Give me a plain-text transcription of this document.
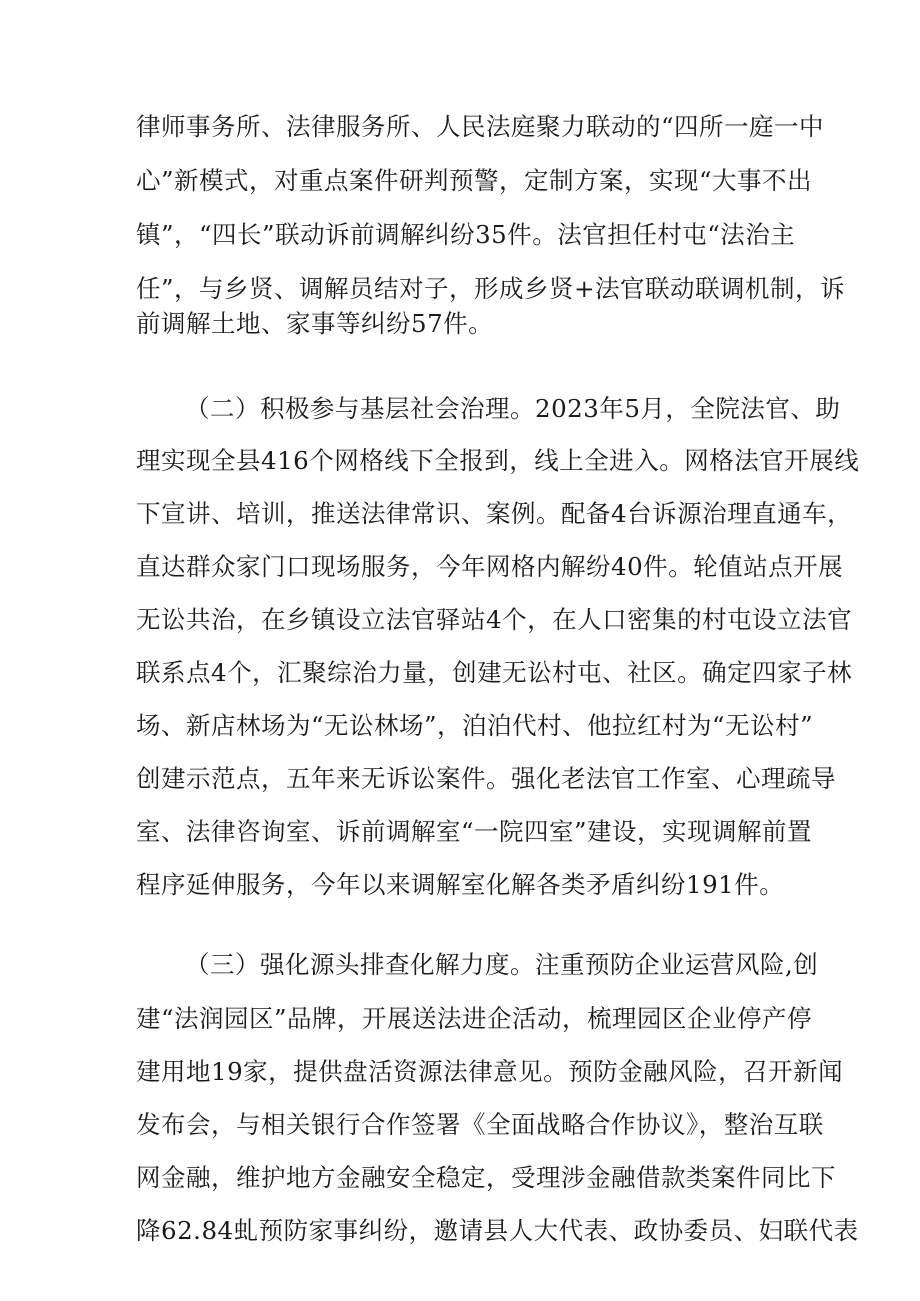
律师事务所、法律服务所、人民法庭聚力联动的“四所一庭一中
心”新模式，对重点案件研判预警，定制方案，实现“大事不出
镇”，“四长”联动诉前调解纠纷35件。法官担任村屯“法治主
任”，与乡贤、调解员结对子，形成乡贤+法官联动联调机制，诉
前调解土地、家事等纠纷57件。
（二）积极参与基层社会治理。2023年5月，全院法官、助
理实现全县416个网格线下全报到，线上全进入。网格法官开展线
下宣讲、培训，推送法律常识、案例。配备4台诉源治理直通车，
直达群众家门口现场服务，今年网格内解纷40件。轮值站点开展
无讼共治，在乡镇设立法官驿站4个，在人口密集的村屯设立法官
联系点4个，汇聚综治力量，创建无讼村屯、社区。确定四家子林
场、新店林场为“无讼林场”，泊泊代村、他拉红村为“无讼村”
创建示范点，五年来无诉讼案件。强化老法官工作室、心理疏导
室、法律咨询室、诉前调解室“一院四室”建设，实现调解前置
程序延伸服务，今年以来调解室化解各类矛盾纠纷191件。
（三）强化源头排查化解力度。注重预防企业运营风险,创
建“法润园区”品牌，开展送法进企活动，梳理园区企业停产停
建用地19家，提供盘活资源法律意见。预防金融风险，召开新闻
发布会，与相关银行合作签署《全面战略合作协议》，整治互联
网金融，维护地方金融安全稳定，受理涉金融借款类案件同比下
降62.84虬预防家事纠纷，邀请县人大代表、政协委员、妇联代表
